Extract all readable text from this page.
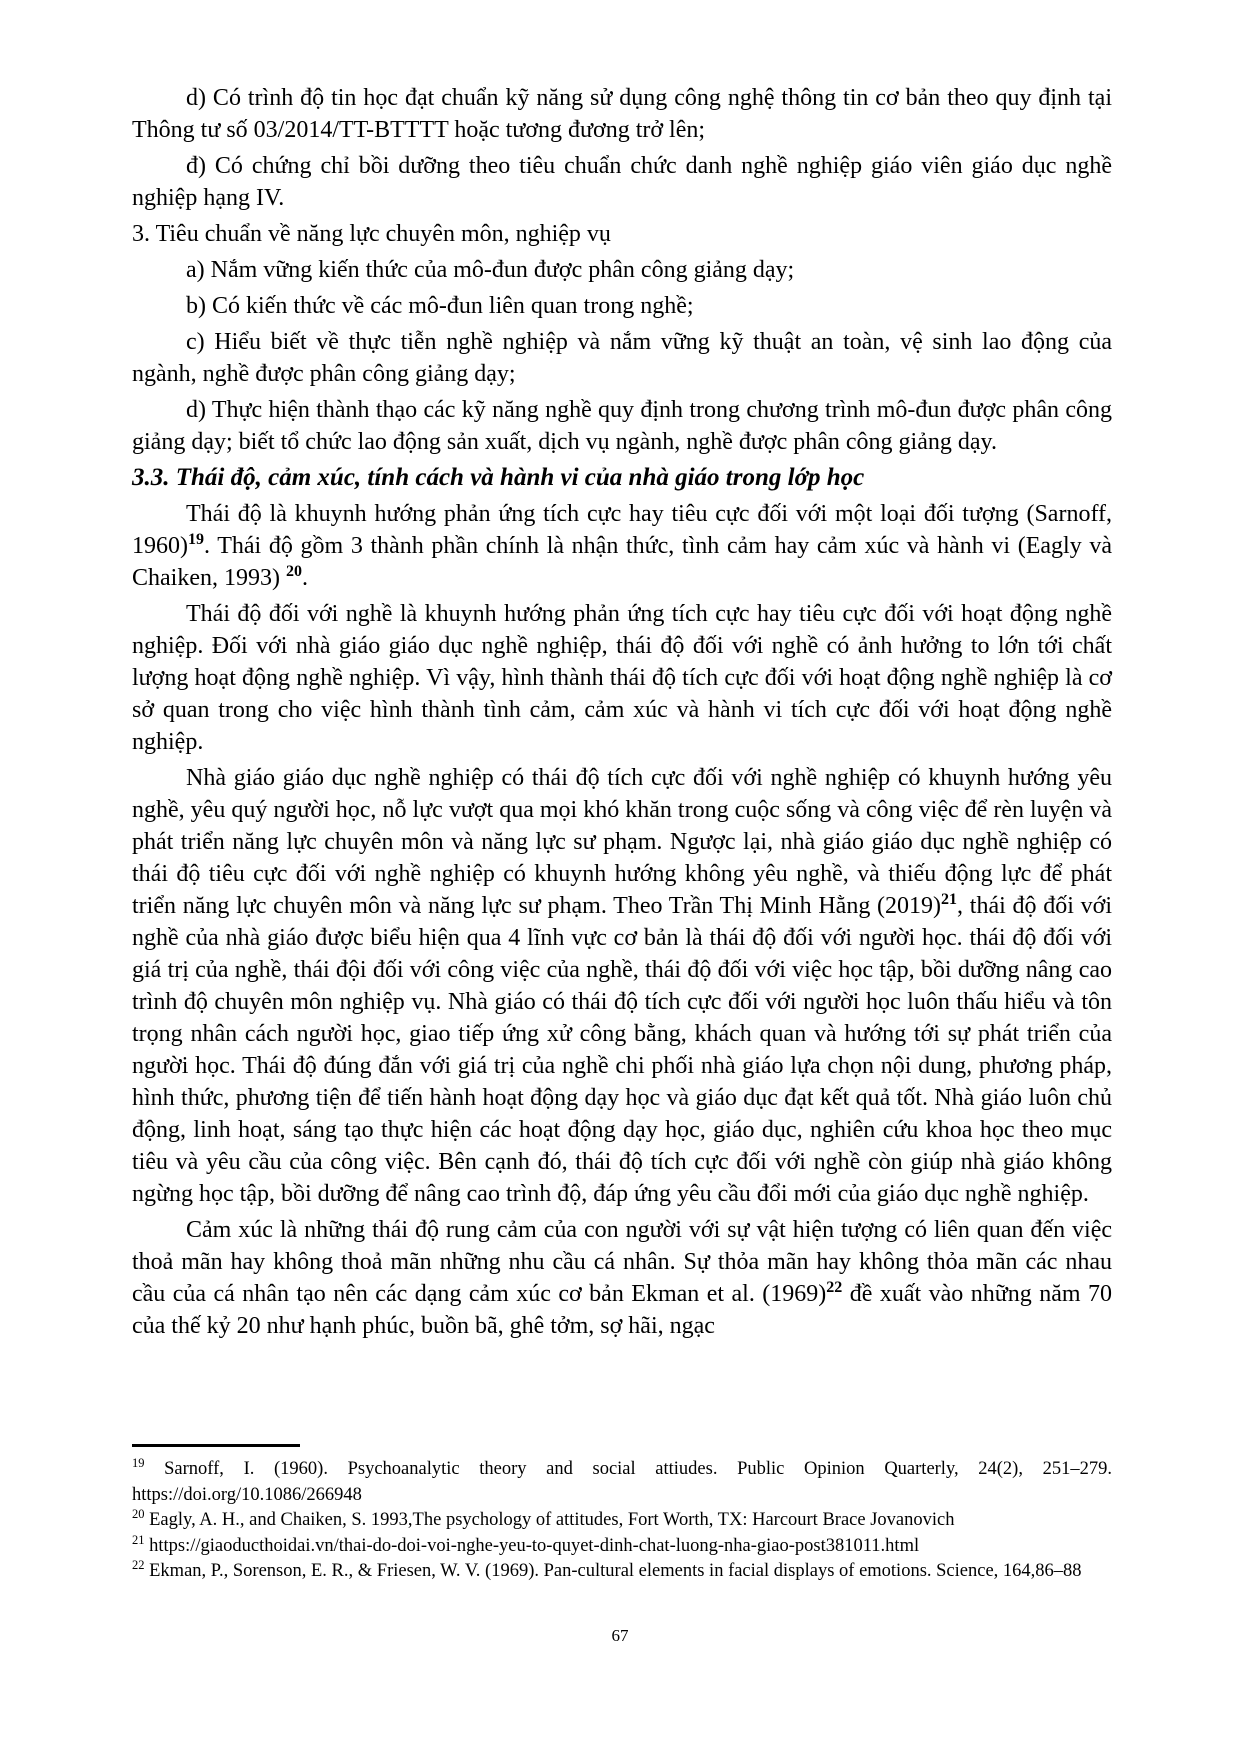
d) Có trình độ tin học đạt chuẩn kỹ năng sử dụng công nghệ thông tin cơ bản theo quy định tại Thông tư số 03/2014/TT-BTTTT hoặc tương đương trở lên;

đ) Có chứng chỉ bồi dưỡng theo tiêu chuẩn chức danh nghề nghiệp giáo viên giáo dục nghề nghiệp hạng IV.

3. Tiêu chuẩn về năng lực chuyên môn, nghiệp vụ

a) Nắm vững kiến thức của mô-đun được phân công giảng dạy;

b) Có kiến thức về các mô-đun liên quan trong nghề;

c) Hiểu biết về thực tiễn nghề nghiệp và nắm vững kỹ thuật an toàn, vệ sinh lao động của ngành, nghề được phân công giảng dạy;

d) Thực hiện thành thạo các kỹ năng nghề quy định trong chương trình mô-đun được phân công giảng dạy; biết tổ chức lao động sản xuất, dịch vụ ngành, nghề được phân công giảng dạy.

3.3. Thái độ, cảm xúc, tính cách và hành vi của nhà giáo trong lớp học

Thái độ là khuynh hướng phản ứng tích cực hay tiêu cực đối với một loại đối tượng (Sarnoff, 1960)$^{19}$. Thái độ gồm 3 thành phần chính là nhận thức, tình cảm hay cảm xúc và hành vi (Eagly và Chaiken, 1993) $^{20}$.

Thái độ đối với nghề là khuynh hướng phản ứng tích cực hay tiêu cực đối với hoạt động nghề nghiệp. Đối với nhà giáo giáo dục nghề nghiệp, thái độ đối với nghề có ảnh hưởng to lớn tới chất lượng hoạt động nghề nghiệp. Vì vậy, hình thành thái độ tích cực đối với hoạt động nghề nghiệp là cơ sở quan trong cho việc hình thành tình cảm, cảm xúc và hành vi tích cực đối với hoạt động nghề nghiệp.

Nhà giáo giáo dục nghề nghiệp có thái độ tích cực đối với nghề nghiệp có khuynh hướng yêu nghề, yêu quý người học, nỗ lực vượt qua mọi khó khăn trong cuộc sống và công việc để rèn luyện và phát triển năng lực chuyên môn và năng lực sư phạm. Ngược lại, nhà giáo giáo dục nghề nghiệp có thái độ tiêu cực đối với nghề nghiệp có khuynh hướng không yêu nghề, và thiếu động lực để phát triển năng lực chuyên môn và năng lực sư phạm. Theo Trần Thị Minh Hằng (2019)$^{21}$, thái độ đối với nghề của nhà giáo được biểu hiện qua 4 lĩnh vực cơ bản là thái độ đối với người học. thái độ đối với giá trị của nghề, thái đội đối với công việc của nghề, thái độ đối với việc học tập, bồi dưỡng nâng cao trình độ chuyên môn nghiệp vụ. Nhà giáo có thái độ tích cực đối với người học luôn thấu hiểu và tôn trọng nhân cách người học, giao tiếp ứng xử công bằng, khách quan và hướng tới sự phát triển của người học. Thái độ đúng đắn với giá trị của nghề chi phối nhà giáo lựa chọn nội dung, phương pháp, hình thức, phương tiện để tiến hành hoạt động dạy học và giáo dục đạt kết quả tốt. Nhà giáo luôn chủ động, linh hoạt, sáng tạo thực hiện các hoạt động dạy học, giáo dục, nghiên cứu khoa học theo mục tiêu và yêu cầu của công việc. Bên cạnh đó, thái độ tích cực đối với nghề còn giúp nhà giáo không ngừng học tập, bồi dưỡng để nâng cao trình độ, đáp ứng yêu cầu đổi mới của giáo dục nghề nghiệp.

Cảm xúc là những thái độ rung cảm của con người với sự vật hiện tượng có liên quan đến việc thoả mãn hay không thoả mãn những nhu cầu cá nhân. Sự thỏa mãn hay không thỏa mãn các nhau cầu của cá nhân tạo nên các dạng cảm xúc cơ bản Ekman et al. (1969)$^{22}$ đề xuất vào những năm 70 của thế kỷ 20 như hạnh phúc, buồn bã, ghê tởm, sợ hãi, ngạc

$^{19}$ Sarnoff, I. (1960). Psychoanalytic theory and social attiudes. Public Opinion Quarterly, 24(2), 251–279. https://doi.org/10.1086/266948

$^{20}$ Eagly, A. H., and Chaiken, S. 1993,The psychology of attitudes, Fort Worth, TX: Harcourt Brace Jovanovich

$^{21}$ https://giaoducthoidai.vn/thai-do-doi-voi-nghe-yeu-to-quyet-dinh-chat-luong-nha-giao-post381011.html

$^{22}$ Ekman, P., Sorenson, E. R., & Friesen, W. V. (1969). Pan-cultural elements in facial displays of emotions. Science, 164,86–88

67
